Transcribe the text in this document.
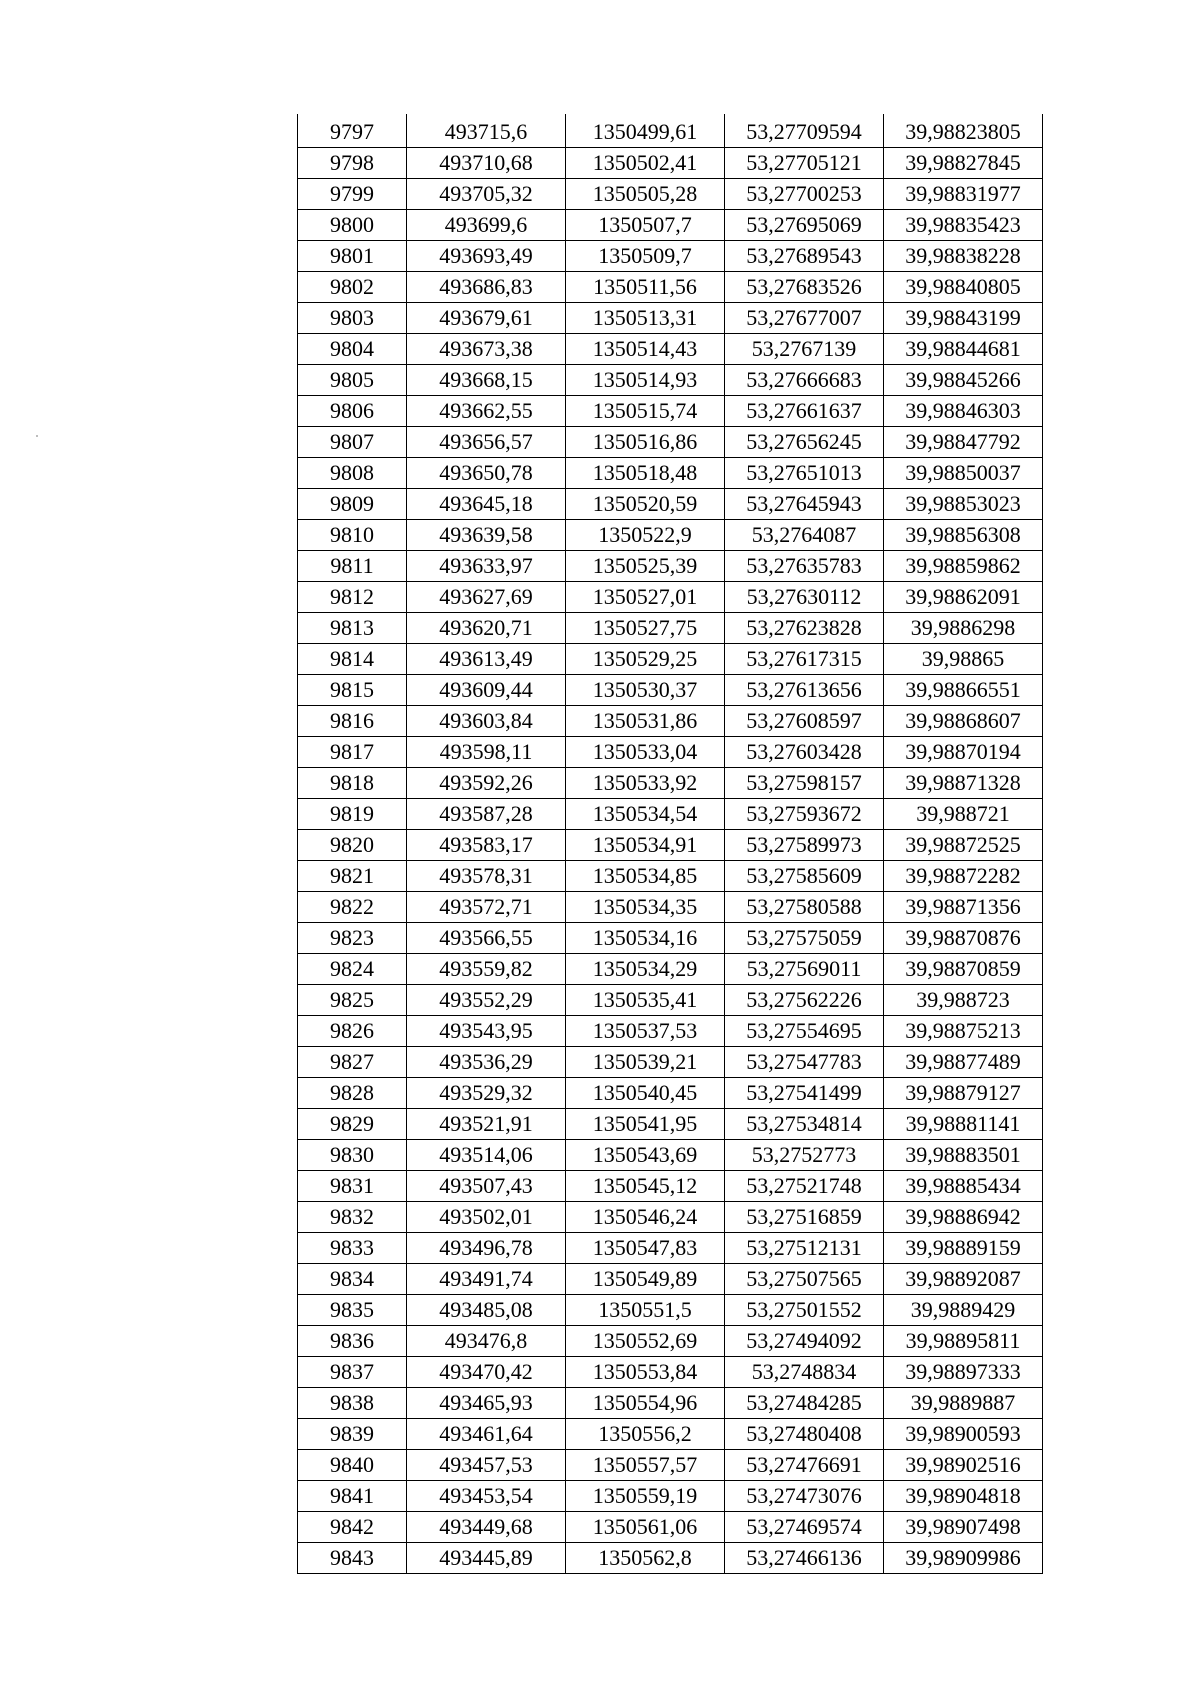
9797	493715,6	1350499,61	53,27709594	39,98823805
9798	493710,68	1350502,41	53,27705121	39,98827845
9799	493705,32	1350505,28	53,27700253	39,98831977
9800	493699,6	1350507,7	53,27695069	39,98835423
9801	493693,49	1350509,7	53,27689543	39,98838228
9802	493686,83	1350511,56	53,27683526	39,98840805
9803	493679,61	1350513,31	53,27677007	39,98843199
9804	493673,38	1350514,43	53,2767139	39,98844681
9805	493668,15	1350514,93	53,27666683	39,98845266
9806	493662,55	1350515,74	53,27661637	39,98846303
9807	493656,57	1350516,86	53,27656245	39,98847792
9808	493650,78	1350518,48	53,27651013	39,98850037
9809	493645,18	1350520,59	53,27645943	39,98853023
9810	493639,58	1350522,9	53,2764087	39,98856308
9811	493633,97	1350525,39	53,27635783	39,98859862
9812	493627,69	1350527,01	53,27630112	39,98862091
9813	493620,71	1350527,75	53,27623828	39,9886298
9814	493613,49	1350529,25	53,27617315	39,98865
9815	493609,44	1350530,37	53,27613656	39,98866551
9816	493603,84	1350531,86	53,27608597	39,98868607
9817	493598,11	1350533,04	53,27603428	39,98870194
9818	493592,26	1350533,92	53,27598157	39,98871328
9819	493587,28	1350534,54	53,27593672	39,988721
9820	493583,17	1350534,91	53,27589973	39,98872525
9821	493578,31	1350534,85	53,27585609	39,98872282
9822	493572,71	1350534,35	53,27580588	39,98871356
9823	493566,55	1350534,16	53,27575059	39,98870876
9824	493559,82	1350534,29	53,27569011	39,98870859
9825	493552,29	1350535,41	53,27562226	39,988723
9826	493543,95	1350537,53	53,27554695	39,98875213
9827	493536,29	1350539,21	53,27547783	39,98877489
9828	493529,32	1350540,45	53,27541499	39,98879127
9829	493521,91	1350541,95	53,27534814	39,98881141
9830	493514,06	1350543,69	53,2752773	39,98883501
9831	493507,43	1350545,12	53,27521748	39,98885434
9832	493502,01	1350546,24	53,27516859	39,98886942
9833	493496,78	1350547,83	53,27512131	39,98889159
9834	493491,74	1350549,89	53,27507565	39,98892087
9835	493485,08	1350551,5	53,27501552	39,9889429
9836	493476,8	1350552,69	53,27494092	39,98895811
9837	493470,42	1350553,84	53,2748834	39,98897333
9838	493465,93	1350554,96	53,27484285	39,9889887
9839	493461,64	1350556,2	53,27480408	39,98900593
9840	493457,53	1350557,57	53,27476691	39,98902516
9841	493453,54	1350559,19	53,27473076	39,98904818
9842	493449,68	1350561,06	53,27469574	39,98907498
9843	493445,89	1350562,8	53,27466136	39,98909986
